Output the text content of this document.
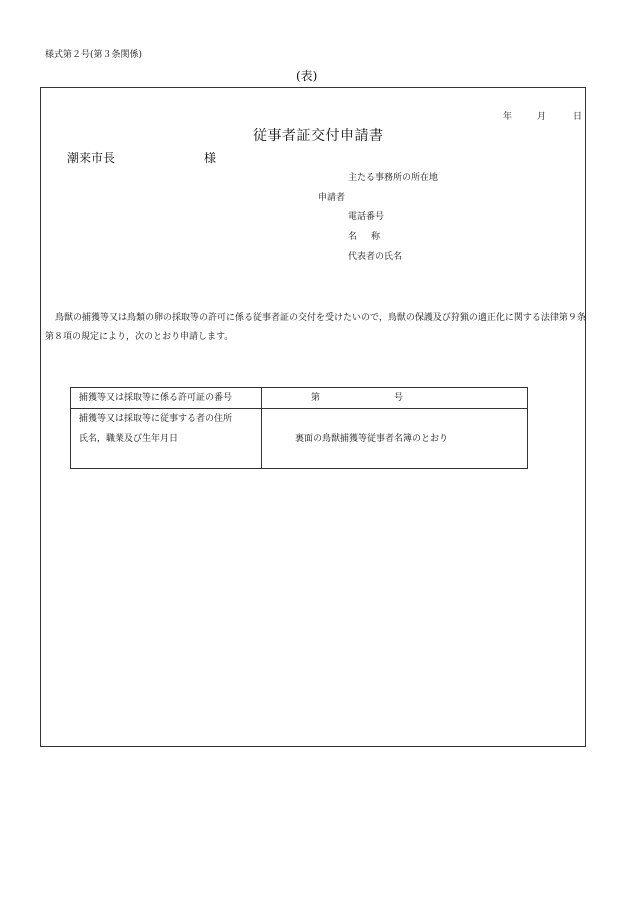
様式第２号(第３条関係)
(表)
年	月	日
従事者証交付申請書
潮来市長	様
主たる事務所の所在地
申請者
電話番号
名称
代表者の氏名
鳥獣の捕獲等又は鳥類の卵の採取等の許可に係る従事者証の交付を受けたいので，鳥獣の保護及び狩猟の適正化に関する法律第９条
第８項の規定により，次のとおり申請します。
捕獲等又は採取等に係る許可証の番号	第	号
捕獲等又は採取等に従事する者の住所
氏名，職業及び生年月日	裏面の鳥獣捕獲等従事者名簿のとおり
